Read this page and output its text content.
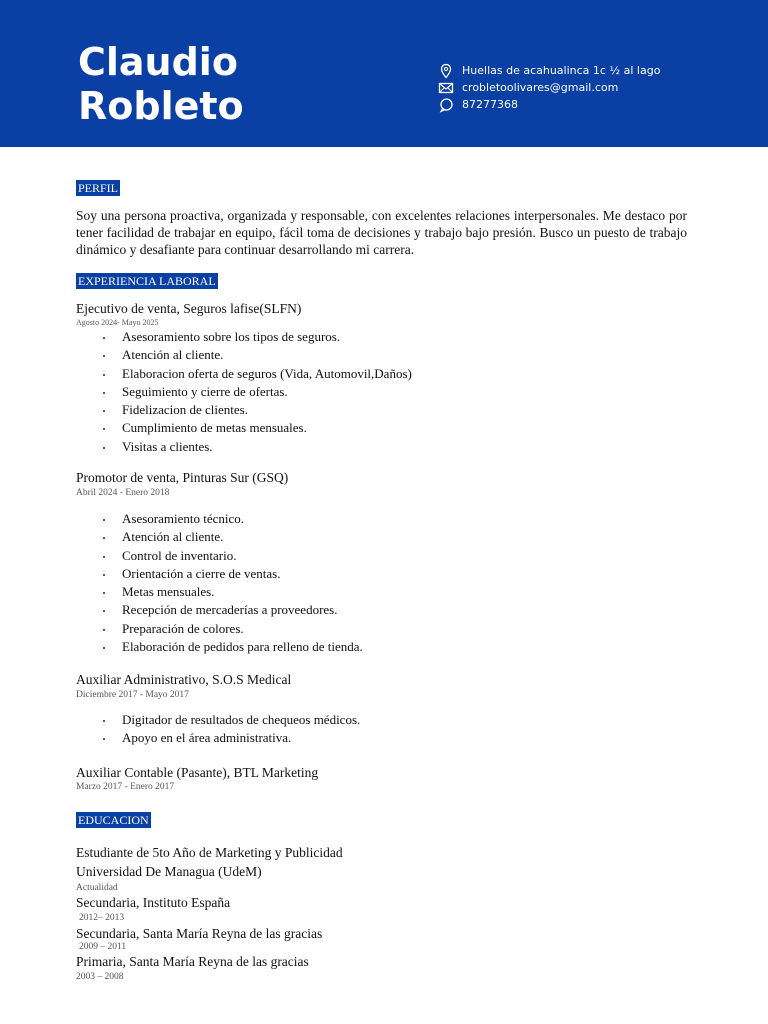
Claudio
Robleto
Huellas de acahualinca 1c ½ al lago
crobletoolivares@gmail.com
87277368
PERFIL
Soy una persona proactiva, organizada y responsable, con excelentes relaciones interpersonales. Me destaco por tener facilidad de trabajar en equipo, fácil toma de decisiones y trabajo bajo presión. Busco un puesto de trabajo dinámico y desafiante para continuar desarrollando mi carrera.
EXPERIENCIA LABORAL
Ejecutivo de venta, Seguros lafise(SLFN)
Agosto 2024- Mayo 2025
Asesoramiento sobre los tipos de seguros.
Atención al cliente.
Elaboracion oferta de seguros (Vida, Automovil,Daños)
Seguimiento y cierre de ofertas.
Fidelizacion de clientes.
Cumplimiento de metas mensuales.
Visitas a clientes.
Promotor de venta, Pinturas Sur (GSQ)
Abril 2024 - Enero 2018
Asesoramiento técnico.
Atención al cliente.
Control de inventario.
Orientación a cierre de ventas.
Metas mensuales.
Recepción de mercaderías a proveedores.
Preparación de colores.
Elaboración de pedidos para relleno de tienda.
Auxiliar Administrativo, S.O.S Medical
Diciembre 2017 - Mayo 2017
Digitador de resultados de chequeos médicos.
Apoyo en el área administrativa.
Auxiliar Contable (Pasante), BTL Marketing
Marzo 2017 - Enero 2017
EDUCACION
Estudiante de 5to Año de Marketing y Publicidad
Universidad De Managua (UdeM)
Actualidad
Secundaria, Instituto España
2012– 2013
Secundaria, Santa María Reyna de las gracias
2009 – 2011
Primaria, Santa María Reyna de las gracias
2003 – 2008
